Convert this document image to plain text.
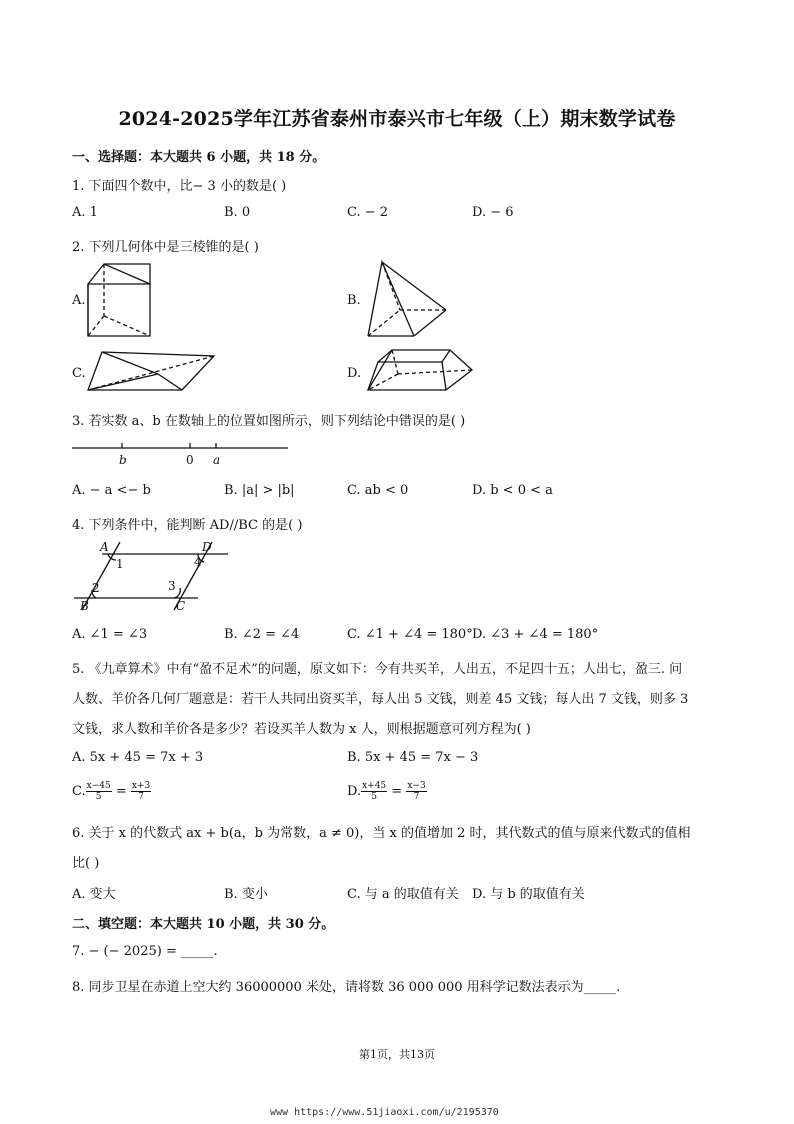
2024-2025学年江苏省泰州市泰兴市七年级（上）期末数学试卷
一、选择题：本大题共 6 小题，共 18 分。
1. 下面四个数中，比− 3 小的数是( )
A. 1	B. 0	C. − 2	D. − 6
2. 下列几何体中是三棱锥的是( )
A.	B.
C.	D.
3. 若实数 a、b 在数轴上的位置如图所示，则下列结论中错误的是( )
b	0 a
A. − a <− b	B. |a| > |b|	C. ab < 0	D. b < 0 < a
4. 下列条件中，能判断 AD//BC 的是( )
A	D
B	C
1
2	3
4
A. ∠1 = ∠3	B. ∠2 = ∠4	C. ∠1 + ∠4 = 180° D. ∠3 + ∠4 = 180°
5. 《九章算术》中有“盈不足术”的问题，原文如下：今有共买羊，人出五，不足四十五；人出七，盈三. 问
人数、羊价各几何厂题意是：若干人共同出资买羊，每人出 5 文钱，则差 45 文钱；每人出 7 文钱，则多 3
文钱，求人数和羊价各是多少？若设买羊人数为 x 人，则根据题意可列方程为( )
A. 5x + 45 = 7x + 3	B. 5x + 45 = 7x − 3
C. $\frac{x-45}{5} = \frac{x+3}{7}$	D. $\frac{x+45}{5} = \frac{x-3}{7}$
6. 关于 x 的代数式 ax + b(a，b 为常数，a ≠ 0)，当 x 的值增加 2 时，其代数式的值与原来代数式的值相
比( )
A. 变大	B. 变小	C. 与 a 的取值有关 D. 与 b 的取值有关
二、填空题：本大题共 10 小题，共 30 分。
7. − (− 2025) = _____.
8. 同步卫星在赤道上空大约 36000000 米处，请将数 36 000 000 用科学记数法表示为_____.
第1页，共13页
www https://www.51jiaoxi.com/u/2195370
